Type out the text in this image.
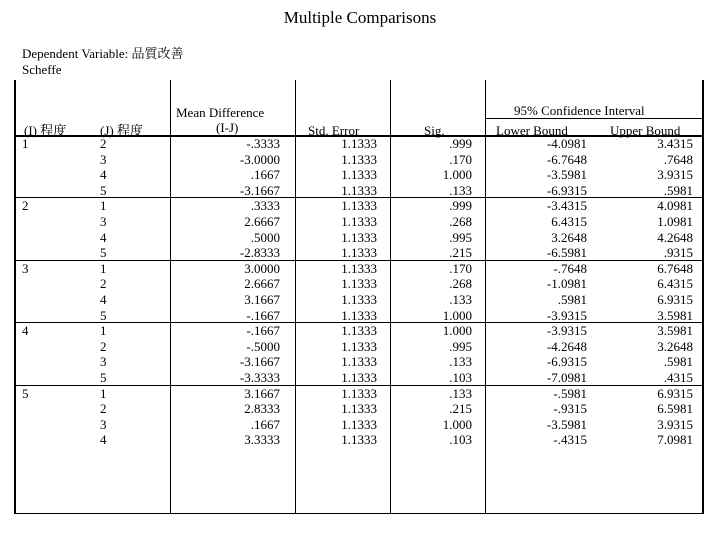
Multiple Comparisons
Dependent Variable: 品質改善
Scheffe
(I) 程度	(J) 程度
Mean Difference
(I-J)	Std. Error	Sig.
95% Confidence Interval
Lower Bound	Upper Bound
1	2	-.3333	1.1333	.999	-4.0981	3.4315
3	-3.0000	1.1333	.170	-6.7648	.7648
4	.1667	1.1333	1.000	-3.5981	3.9315
5	-3.1667	1.1333	.133	-6.9315	.5981
2	1	.3333	1.1333	.999	-3.4315	4.0981
3	2.6667	1.1333	.268	6.4315	1.0981
4	.5000	1.1333	.995	3.2648	4.2648
5	-2.8333	1.1333	.215	-6.5981	.9315
3	1	3.0000	1.1333	.170	-.7648	6.7648
2	2.6667	1.1333	.268	-1.0981	6.4315
4	3.1667	1.1333	.133	.5981	6.9315
5	-.1667	1.1333	1.000	-3.9315	3.5981
4	1	-.1667	1.1333	1.000	-3.9315	3.5981
2	-.5000	1.1333	.995	-4.2648	3.2648
3	-3.1667	1.1333	.133	-6.9315	.5981
5	-3.3333	1.1333	.103	-7.0981	.4315
5	1	3.1667	1.1333	.133	-.5981	6.9315
2	2.8333	1.1333	.215	-.9315	6.5981
3	.1667	1.1333	1.000	-3.5981	3.9315
4	3.3333	1.1333	.103	-.4315	7.0981
